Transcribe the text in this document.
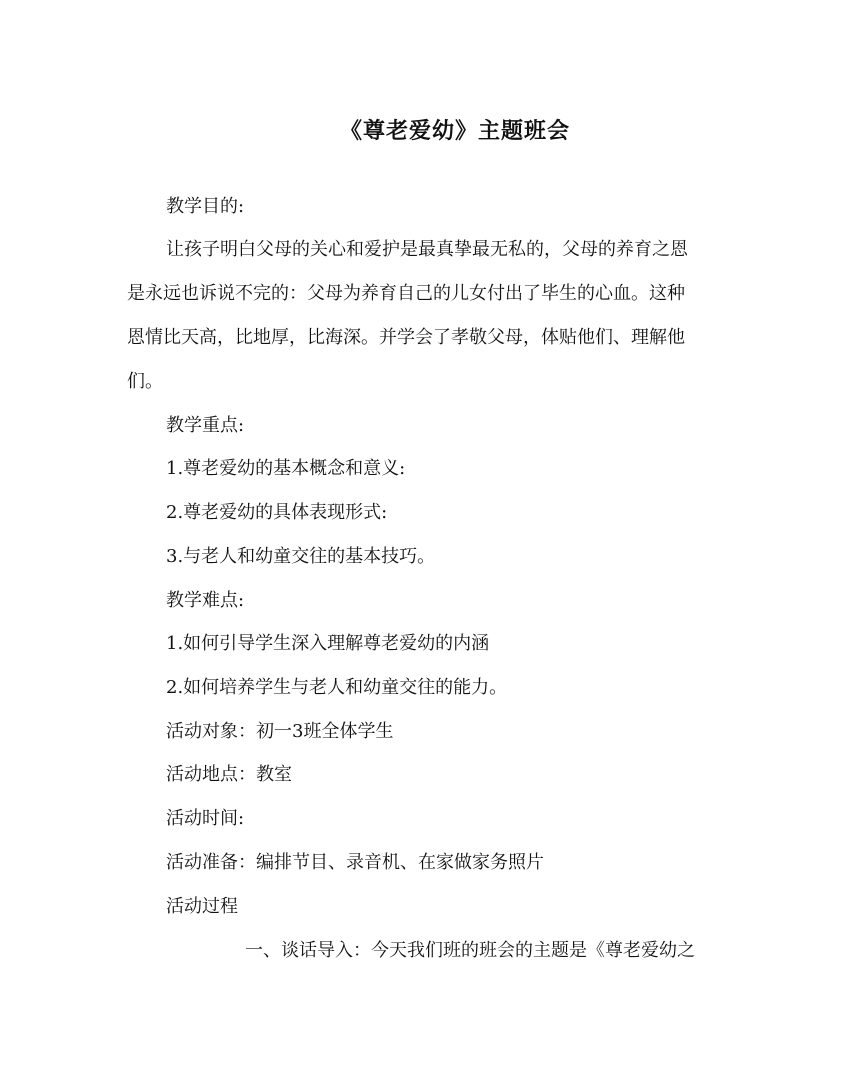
《尊老爱幼》主题班会
教学目的:
让孩子明白父母的关心和爱护是最真挚最无私的，父母的养育之恩
是永远也诉说不完的：父母为养育自己的儿女付出了毕生的心血。这种
恩情比天高，比地厚，比海深。并学会了孝敬父母，体贴他们、理解他
们。
教学重点:
1.尊老爱幼的基本概念和意义:
2.尊老爱幼的具体表现形式:
3.与老人和幼童交往的基本技巧。
教学难点:
1.如何引导学生深入理解尊老爱幼的内涵
2.如何培养学生与老人和幼童交往的能力。
活动对象：初一3班全体学生
活动地点：教室
活动时间:
活动准备：编排节目、录音机、在家做家务照片
活动过程
一、谈话导入：今天我们班的班会的主题是《尊老爱幼之
